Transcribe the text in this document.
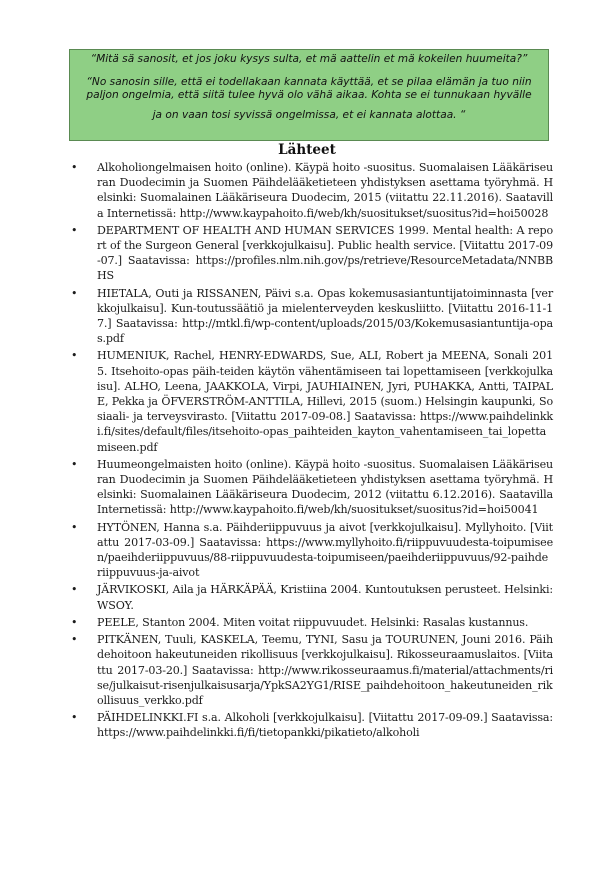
“Mitä sä sanosit, et jos joku kysys sulta, et mä aattelin et mä kokeilen huumeita?”

“No sanosin sille, että ei todellakaan kannata käyttää, et se pilaa elämän ja tuo niin paljon ongelmia, että siitä tulee hyvä olo vähä aikaa. Kohta se ei tunnukaan hyvälle

ja on vaan tosi syvissä ongelmissa, et ei kannata alottaa. “

Lähteet
•	Alkoholiongelmaisen hoito (online). Käypä hoito -suositus. Suomalaisen Lääkäriseuran Duodecimin ja Suomen Päihdelääketieteen yhdistyksen asettama työryhmä. Helsinki: Suomalainen Lääkäriseura Duodecim, 2015 (viitattu 22.11.2016). Saatavilla Internetissä: http://www.kaypahoito.fi/web/kh/suositukset/suositus?id=hoi50028
•	DEPARTMENT OF HEALTH AND HUMAN SERVICES 1999. Mental health: A report of the Surgeon General [verkkojulkaisu]. Public health service. [Viitattu 2017-09-07.] Saatavissa: https://profiles.nlm.nih.gov/ps/retrieve/ResourceMetadata/NNBBHS
•	HIETALA, Outi ja RISSANEN, Päivi s.a. Opas kokemusasiantuntijatoiminnasta [verkkojulkaisu]. Kun-toutussäätiö ja mielenterveyden keskusliitto. [Viitattu 2016-11-17.] Saatavissa: http://mtkl.fi/wp-content/uploads/2015/03/Kokemusasiantuntija-opas.pdf
•	HUMENIUK, Rachel, HENRY-EDWARDS, Sue, ALI, Robert ja MEENA, Sonali 2015. Itsehoito-opas päih-teiden käytön vähentämiseen tai lopettamiseen [verkkojulkaisu]. ALHO, Leena, JAAKKOLA, Virpi, JAUHIAINEN, Jyri, PUHAKKA, Antti, TAIPALE, Pekka ja ÖFVERSTRÖM-ANTTILA, Hillevi, 2015 (suom.) Helsingin kaupunki, Sosiaali- ja terveysvirasto. [Viitattu 2017-09-08.] Saatavissa: https://www.paihdelinkki.fi/sites/default/files/itsehoito-opas_paihteiden_kayton_vahentamiseen_tai_lopettamiseen.pdf
•	Huumeongelmaisten hoito (online). Käypä hoito -suositus. Suomalaisen Lääkäriseuran Duodecimin ja Suomen Päihdelääketieteen yhdistyksen asettama työryhmä. Helsinki: Suomalainen Lääkäriseura Duodecim, 2012 (viitattu 6.12.2016). Saatavilla Internetissä: http://www.kaypahoito.fi/web/kh/suositukset/suositus?id=hoi50041
•	HYTÖNEN, Hanna s.a. Päihderiippuvuus ja aivot [verkkojulkaisu]. Myllyhoito. [Viitattu 2017-03-09.] Saatavissa: https://www.myllyhoito.fi/riippuvuudesta-toipumiseen/paeihderiippuvuus/88-riippuvuudesta-toipumiseen/paeihderiippuvuus/92-paihderiippuvuus-ja-aivot
•	JÄRVIKOSKI, Aila ja HÄRKÄPÄÄ, Kristiina 2004. Kuntoutuksen perusteet. Helsinki: WSOY.
•	PEELE, Stanton 2004. Miten voitat riippuvuudet. Helsinki: Rasalas kustannus.
•	PITKÄNEN, Tuuli, KASKELA, Teemu, TYNI, Sasu ja TOURUNEN, Jouni 2016. Päihdehoitoon hakeutuneiden rikollisuus [verkkojulkaisu]. Rikosseuraamuslaitos. [Viitattu 2017-03-20.] Saatavissa: http://www.rikosseuraamus.fi/material/attachments/rise/julkaisut-risenjulkaisusarja/YpkSA2YG1/RISE_paihdehoitoon_hakeutuneiden_rikollisuus_verkko.pdf
•	PÄIHDELINKKI.FI s.a. Alkoholi [verkkojulkaisu]. [Viitattu 2017-09-09.] Saatavissa: https://www.paihdelinkki.fi/fi/tietopankki/pikatieto/alkoholi
